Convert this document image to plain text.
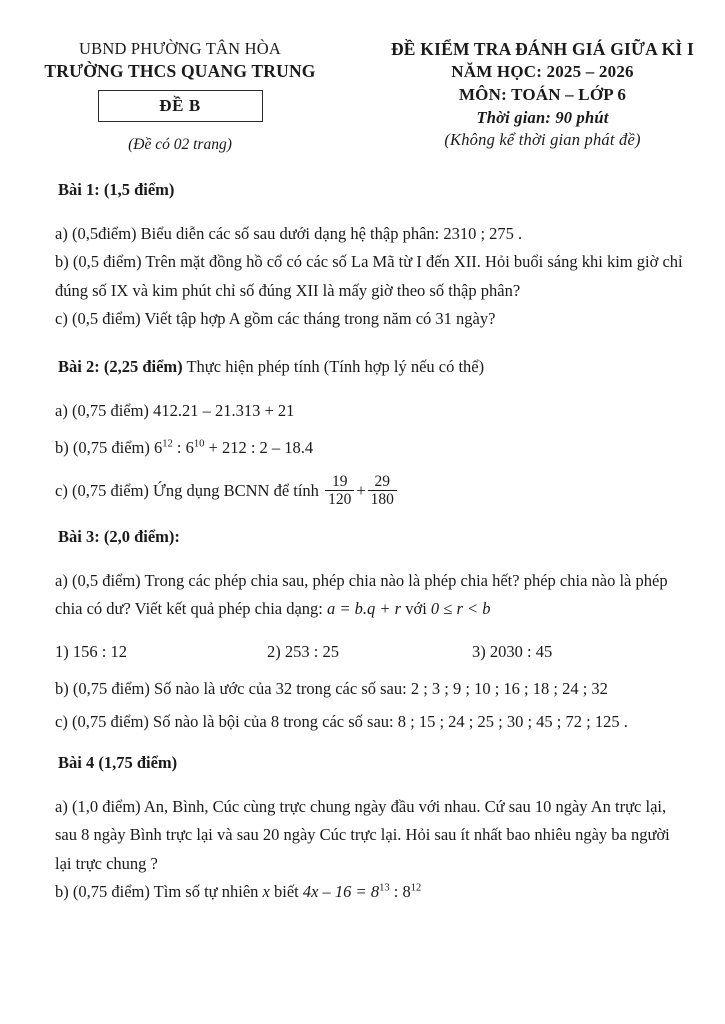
UBND PHƯỜNG TÂN HÒA
TRƯỜNG THCS QUANG TRUNG
ĐỀ B
(Đề có 02 trang)
ĐỀ KIỂM TRA ĐÁNH GIÁ GIỮA KÌ I
NĂM HỌC: 2025 – 2026
MÔN: TOÁN – LỚP 6
Thời gian: 90 phút
(Không kể thời gian phát đề)
Bài 1: (1,5 điểm)

a) (0,5điểm) Biểu diễn các số sau dưới dạng hệ thập phân: 2310 ; 275 .

b) (0,5 điểm) Trên mặt đồng hồ cổ có các số La Mã từ I đến XII. Hỏi buổi sáng khi kim giờ chỉ đúng số IX và kim phút chỉ số đúng XII là mấy giờ theo số thập phân?

c) (0,5 điểm) Viết tập hợp A gồm các tháng trong năm có 31 ngày?

Bài 2: (2,25 điểm) Thực hiện phép tính (Tính hợp lý nếu có thể)

a) (0,75 điểm) 412.21 – 21.313 + 21

b) (0,75 điểm) $6^{12}$ : $6^{10} + 212$ : 2 – 18.4

c) (0,75 điểm) Ứng dụng BCNN để tính $\frac{19}{120} + \frac{29}{180}$

Bài 3: (2,0 điểm):

a) (0,5 điểm) Trong các phép chia sau, phép chia nào là phép chia hết? phép chia nào là phép chia có dư? Viết kết quả phép chia dạng: a = b.q + r với 0 ≤ r < b

1) 156 : 12	2) 253 : 25	3) 2030 : 45

b) (0,75 điểm) Số nào là ước của 32 trong các số sau: 2 ; 3 ; 9 ; 10 ; 16 ; 18 ; 24 ; 32

c) (0,75 điểm) Số nào là bội của 8 trong các số sau: 8 ; 15 ; 24 ; 25 ; 30 ; 45 ; 72 ; 125 .

Bài 4 (1,75 điểm)

a) (1,0 điểm) An, Bình, Cúc cùng trực chung ngày đầu với nhau. Cứ sau 10 ngày An trực lại, sau 8 ngày Bình trực lại và sau 20 ngày Cúc trực lại. Hỏi sau ít nhất bao nhiêu ngày ba người lại trực chung ?

b) (0,75 điểm) Tìm số tự nhiên x biết $4x - 16 = 8^{13}$ : $8^{12}$
